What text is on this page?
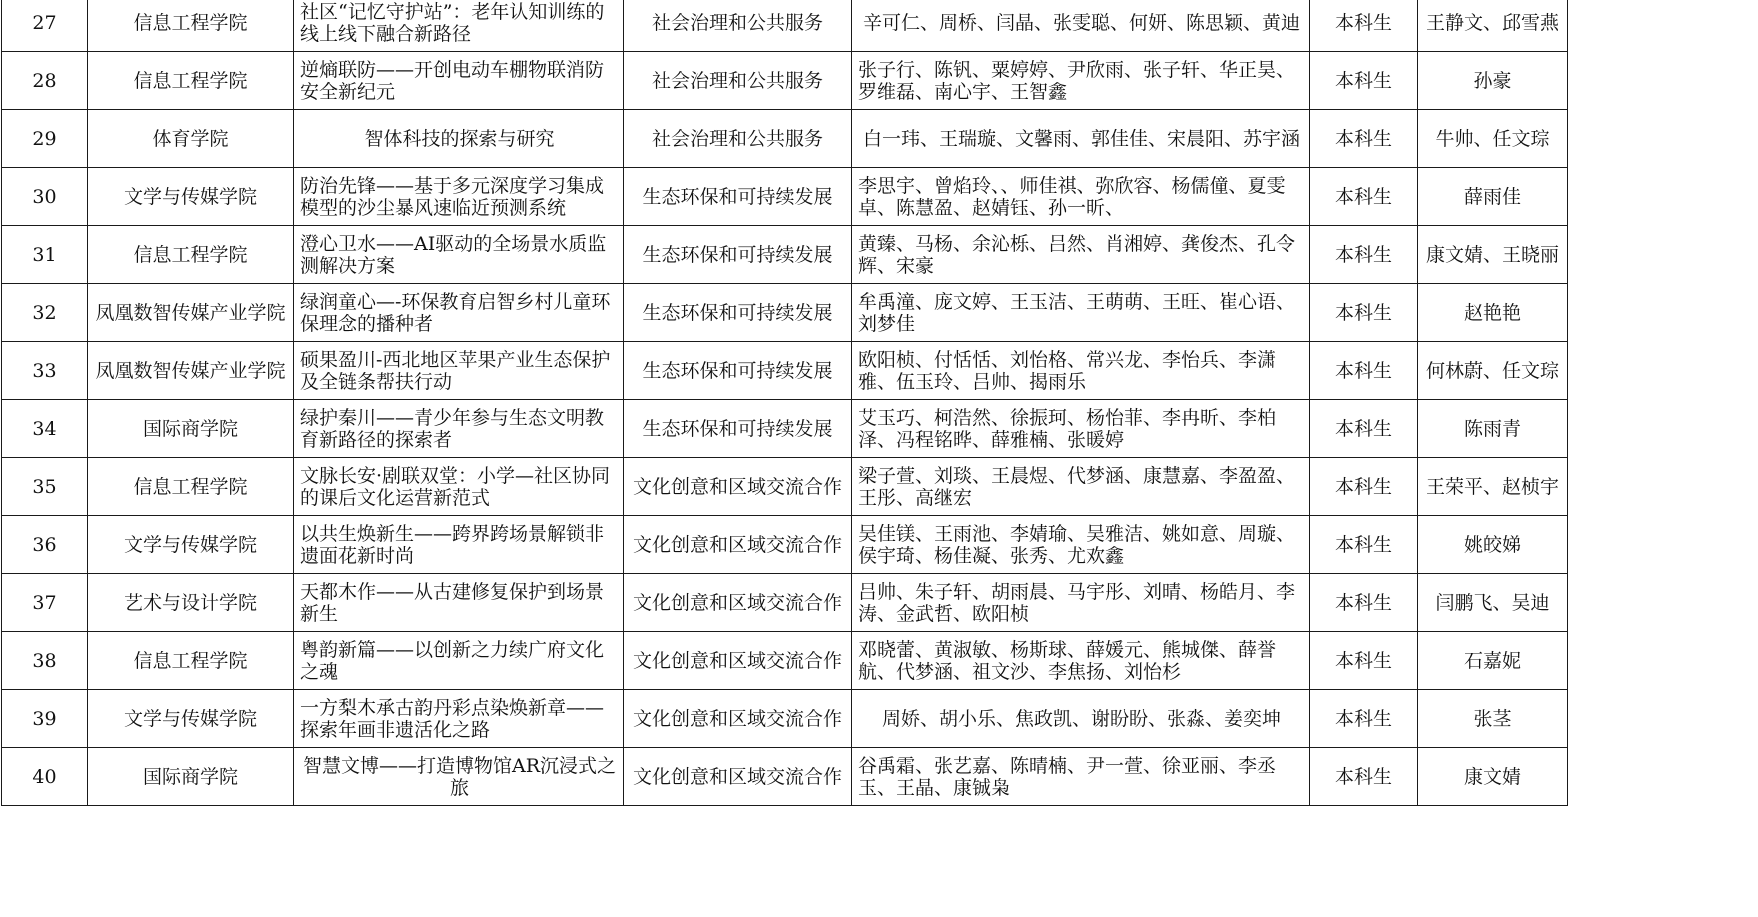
27	信息工程学院	社区“记忆守护站”：老年认知训练的线上线下融合新路径	社会治理和公共服务	辛可仁、周桥、闫晶、张雯聪、何妍、陈思颖、黄迪	本科生	王静文、邱雪燕
28	信息工程学院	逆熵联防——开创电动车棚物联消防安全新纪元	社会治理和公共服务	张子行、陈钒、粟婷婷、尹欣雨、张子轩、华正昊、罗维磊、南心宇、王智鑫	本科生	孙豪
29	体育学院	智体科技的探索与研究	社会治理和公共服务	白一玮、王瑞璇、文馨雨、郭佳佳、宋晨阳、苏宇涵	本科生	牛帅、任文琮
30	文学与传媒学院	防治先锋——基于多元深度学习集成模型的沙尘暴风速临近预测系统	生态环保和可持续发展	李思宇、曾焰玲、、师佳祺、弥欣容、杨儒僮、夏雯卓、陈慧盈、赵婧钰、孙一昕、	本科生	薛雨佳
31	信息工程学院	澄心卫水——AI驱动的全场景水质监测解决方案	生态环保和可持续发展	黄臻、马杨、余沁栎、吕然、肖湘婷、龚俊杰、孔令辉、宋豪	本科生	康文婧、王晓丽
32	凤凰数智传媒产业学院	绿润童心—-环保教育启智乡村儿童环保理念的播种者	生态环保和可持续发展	牟禹潼、庞文婷、王玉洁、王萌萌、王旺、崔心语、刘梦佳	本科生	赵艳艳
33	凤凰数智传媒产业学院	硕果盈川-西北地区苹果产业生态保护及全链条帮扶行动	生态环保和可持续发展	欧阳桢、付恬恬、刘怡格、常兴龙、李怡兵、李潇雅、伍玉玲、吕帅、揭雨乐	本科生	何林蔚、任文琮
34	国际商学院	绿护秦川——青少年参与生态文明教育新路径的探索者	生态环保和可持续发展	艾玉巧、柯浩然、徐振珂、杨怡菲、李冉昕、李柏泽、冯程铭晔、薛雅楠、张暖婷	本科生	陈雨青
35	信息工程学院	文脉长安·剧联双堂：小学—社区协同的课后文化运营新范式	文化创意和区域交流合作	梁子萱、刘琰、王晨煜、代梦涵、康慧嘉、李盈盈、王彤、高继宏	本科生	王荣平、赵桢宇
36	文学与传媒学院	以共生焕新生——跨界跨场景解锁非遗面花新时尚	文化创意和区域交流合作	吴佳镁、王雨池、李婧瑜、吴雅洁、姚如意、周璇、侯宇琦、杨佳凝、张秀、尤欢鑫	本科生	姚皎娣
37	艺术与设计学院	天都木作——从古建修复保护到场景新生	文化创意和区域交流合作	吕帅、朱子轩、胡雨晨、马宇彤、刘晴、杨皓月、李涛、金武哲、欧阳桢	本科生	闫鹏飞、吴迪
38	信息工程学院	粤韵新篇——以创新之力续广府文化之魂	文化创意和区域交流合作	邓晓蕾、黄淑敏、杨斯球、薛媛元、熊城傑、薛誉航、代梦涵、祖文沙、李焦扬、刘怡杉	本科生	石嘉妮
39	文学与传媒学院	一方梨木承古韵丹彩点染焕新章——探索年画非遗活化之路	文化创意和区域交流合作	周娇、胡小乐、焦政凯、谢盼盼、张淼、姜奕坤	本科生	张茎
40	国际商学院	智慧文博——打造博物馆AR沉浸式之旅	文化创意和区域交流合作	谷禹霜、张艺嘉、陈晴楠、尹一萱、徐亚丽、李丞玉、王晶、康铖枭	本科生	康文婧
